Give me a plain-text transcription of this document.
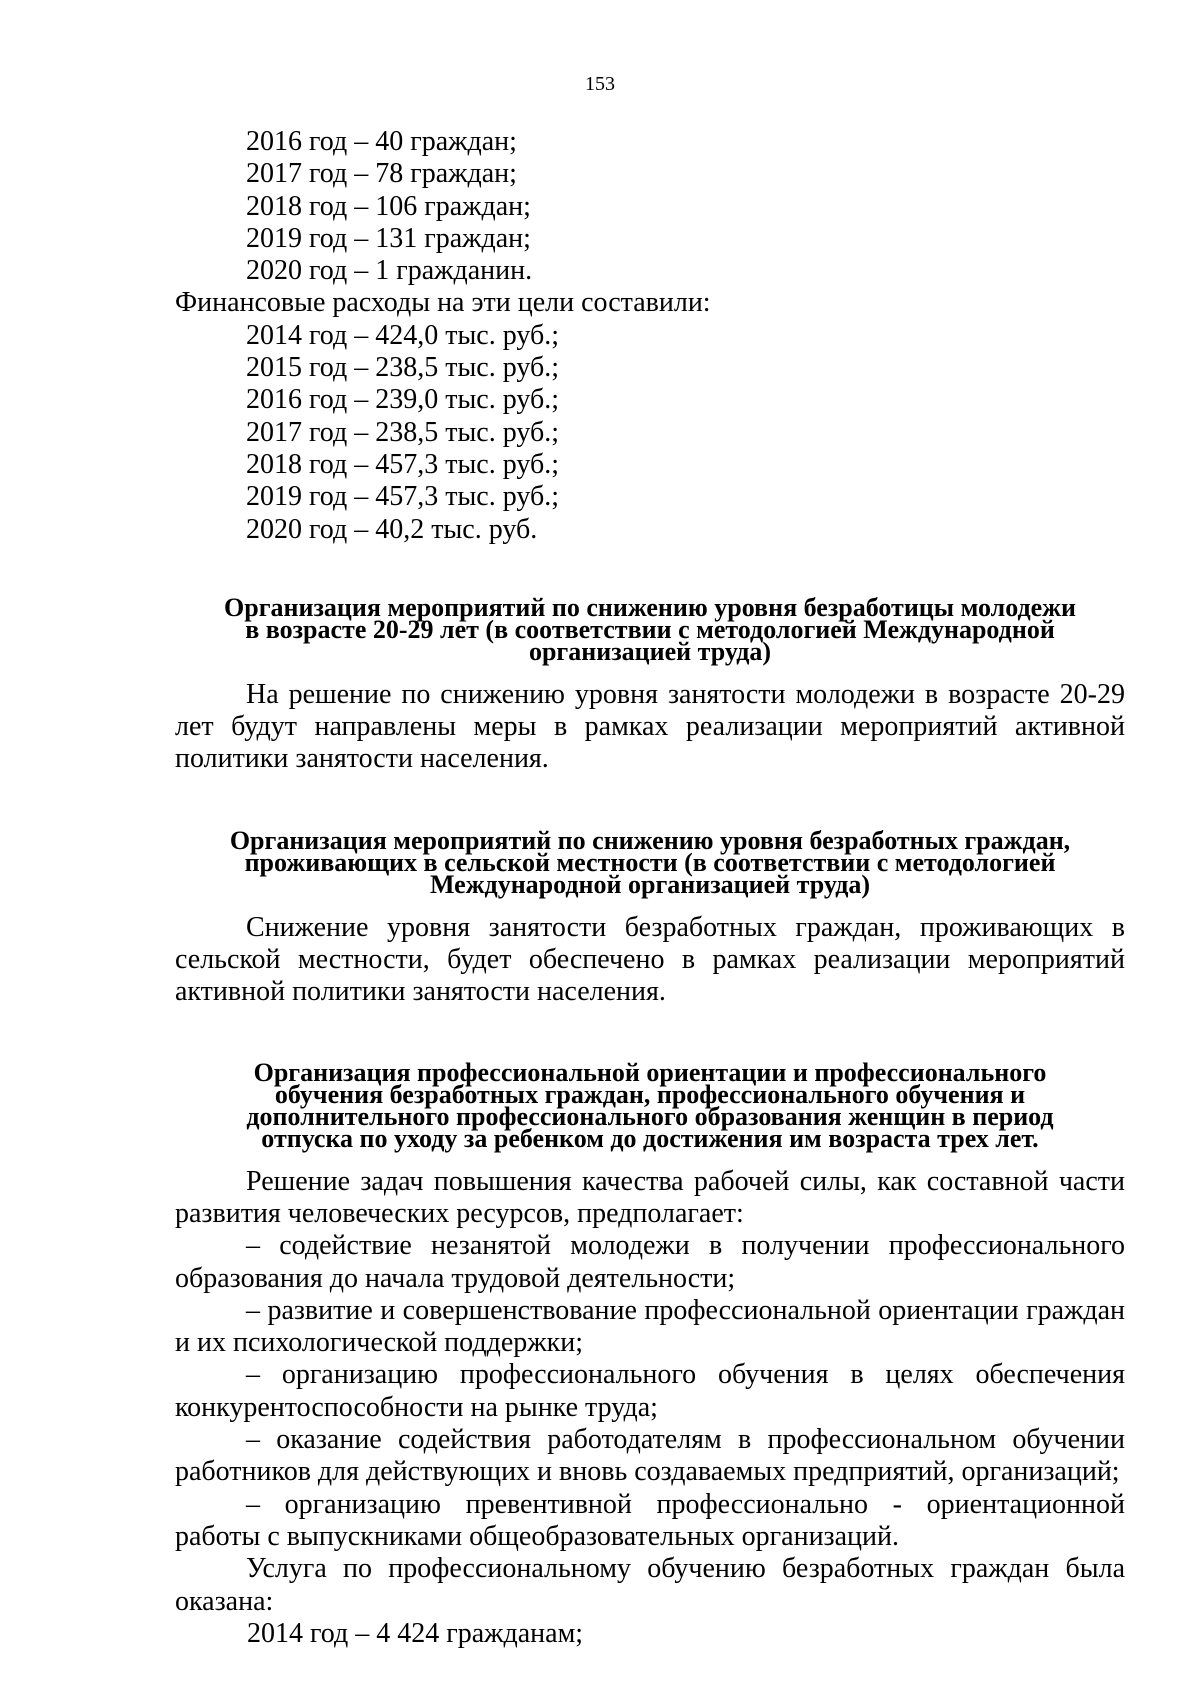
153
2016 год – 40 граждан;
2017 год – 78 граждан;
2018 год – 106 граждан;
2019 год – 131 граждан;
2020 год – 1 гражданин.
Финансовые расходы на эти цели составили:
2014 год – 424,0 тыс. руб.;
2015 год – 238,5 тыс. руб.;
2016 год – 239,0 тыс. руб.;
2017 год – 238,5 тыс. руб.;
2018 год – 457,3 тыс. руб.;
2019 год – 457,3 тыс. руб.;
2020 год – 40,2 тыс. руб.
Организация мероприятий по снижению уровня безработицы молодежи
в возрасте 20-29 лет (в соответствии с методологией Международной
организацией труда)

На решение по снижению уровня занятости молодежи в возрасте 20-29 лет будут направлены меры в рамках реализации мероприятий активной политики занятости населения.

Организация мероприятий по снижению уровня безработных граждан,
проживающих в сельской местности (в соответствии с методологией
Международной организацией труда)

Снижение уровня занятости безработных граждан, проживающих в сельской местности, будет обеспечено в рамках реализации мероприятий активной политики занятости населения.

Организация профессиональной ориентации и профессионального
обучения безработных граждан, профессионального обучения и
дополнительного профессионального образования женщин в период
отпуска по уходу за ребенком до достижения им возраста трех лет.

Решение задач повышения качества рабочей силы, как составной части развития человеческих ресурсов, предполагает:

– содействие незанятой молодежи в получении профессионального образования до начала трудовой деятельности;

– развитие и совершенствование профессиональной ориентации граждан и их психологической поддержки;

– организацию профессионального обучения в целях обеспечения конкурентоспособности на рынке труда;

– оказание содействия работодателям в профессиональном обучении работников для действующих и вновь создаваемых предприятий, организаций;

– организацию превентивной профессионально - ориентационной работы с выпускниками общеобразовательных организаций.

Услуга по профессиональному обучению безработных граждан была оказана:

2014 год – 4 424 гражданам;
